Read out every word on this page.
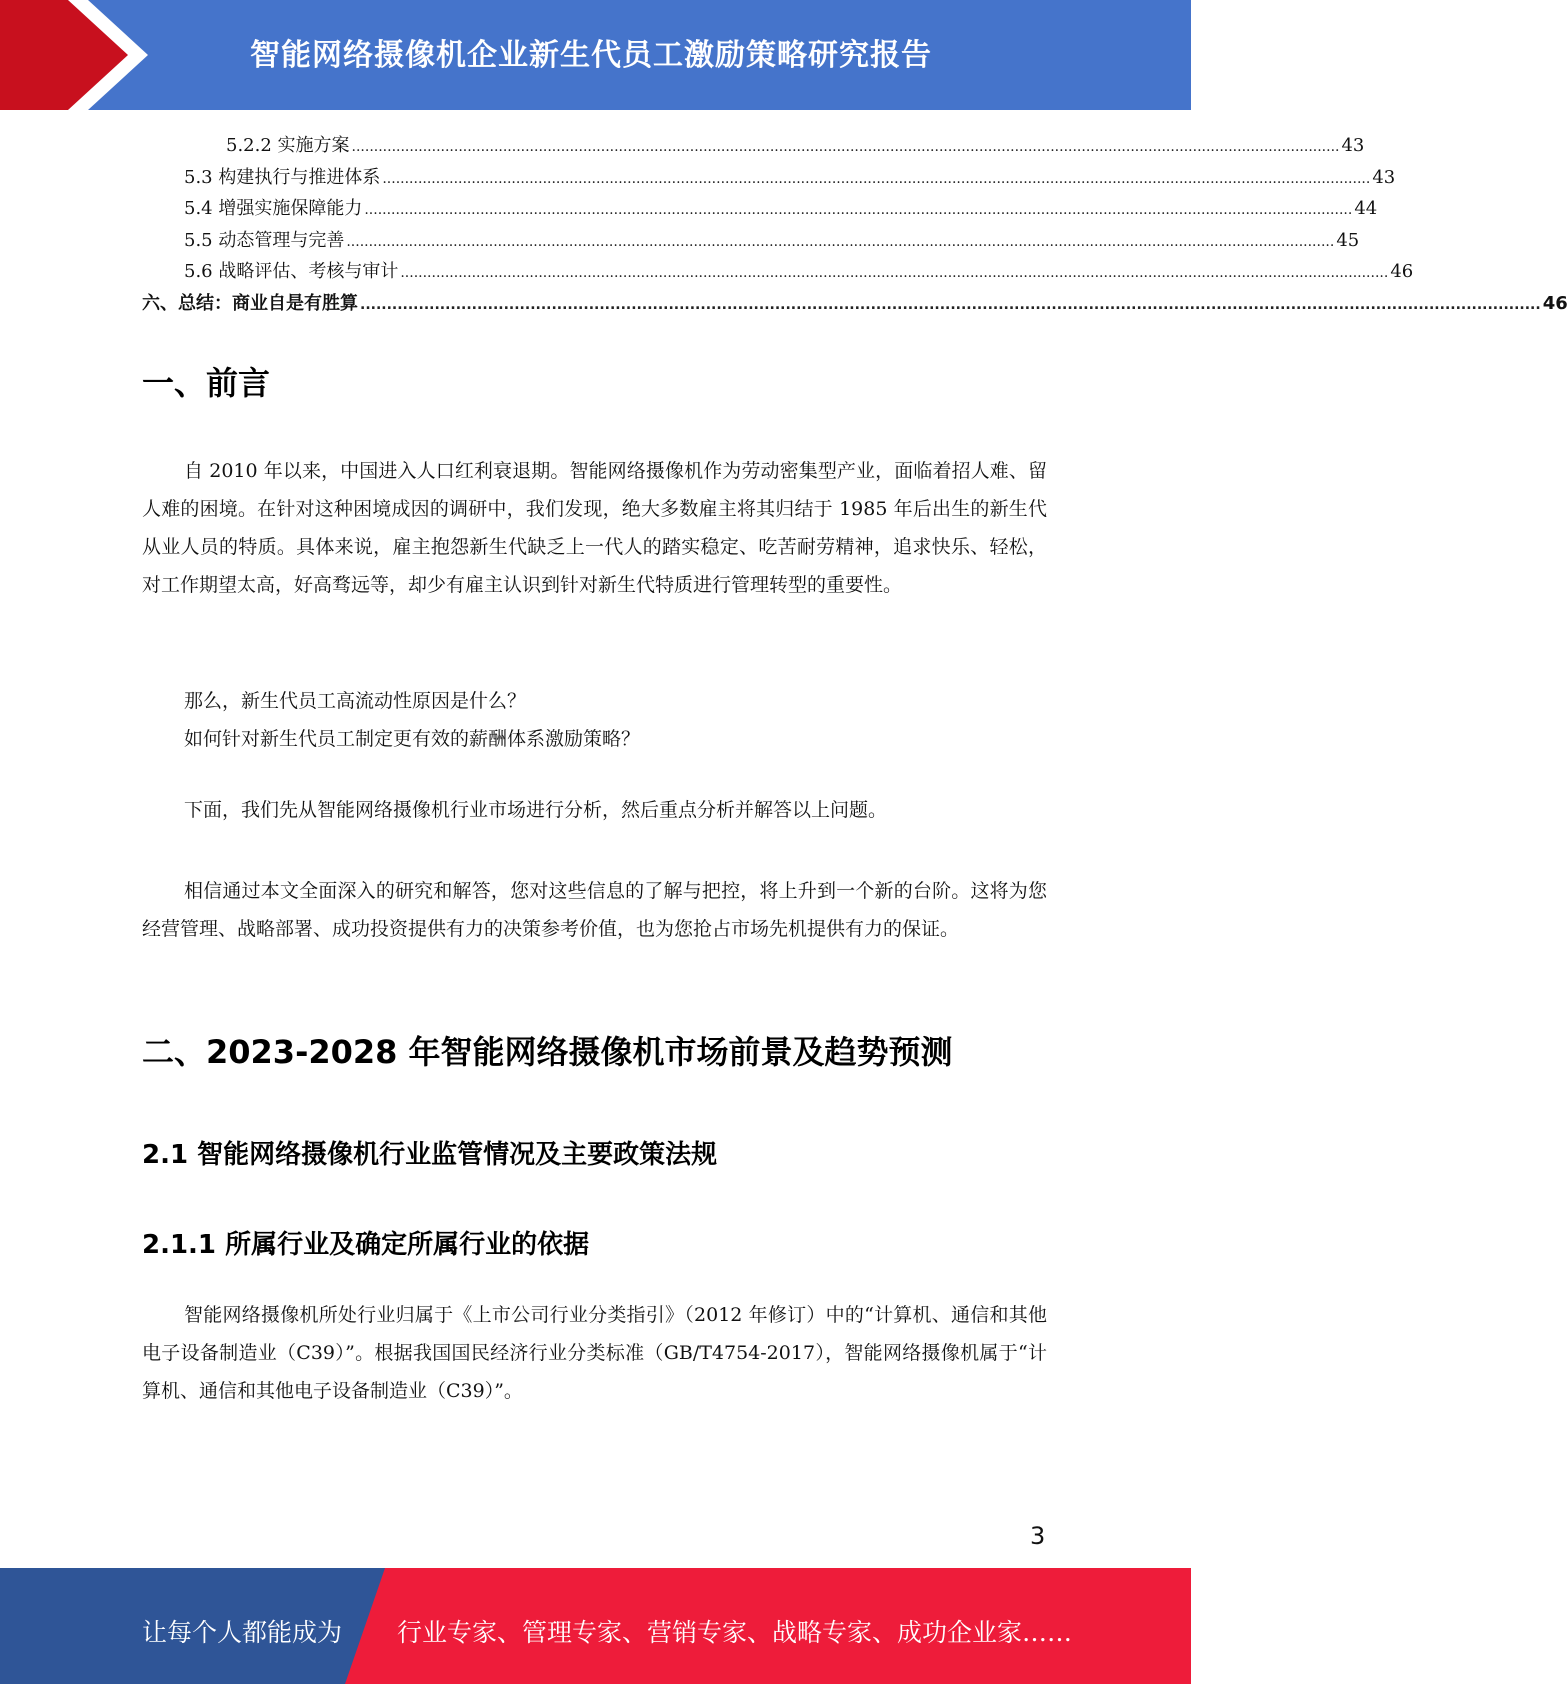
智能网络摄像机企业新生代员工激励策略研究报告
5.2.2 实施方案 .............................................................................................................................................................................................................................. 43
5.3 构建执行与推进体系 .............................................................................................................................................................................................................................. 43
5.4 增强实施保障能力 .............................................................................................................................................................................................................................. 44
5.5 动态管理与完善 .............................................................................................................................................................................................................................. 45
5.6 战略评估、考核与审计 .............................................................................................................................................................................................................................. 46
六、总结：商业自是有胜算 .............................................................................................................................................................................................................................. 46
一、前言
自 2010 年以来，中国进入人口红利衰退期。智能网络摄像机作为劳动密集型产业，面临着招人难、留人难的困境。在针对这种困境成因的调研中，我们发现，绝大多数雇主将其归结于 1985 年后出生的新生代从业人员的特质。具体来说，雇主抱怨新生代缺乏上一代人的踏实稳定、吃苦耐劳精神，追求快乐、轻松，对工作期望太高，好高骛远等，却少有雇主认识到针对新生代特质进行管理转型的重要性。
那么，新生代员工高流动性原因是什么？
如何针对新生代员工制定更有效的薪酬体系激励策略？
下面，我们先从智能网络摄像机行业市场进行分析，然后重点分析并解答以上问题。
相信通过本文全面深入的研究和解答，您对这些信息的了解与把控，将上升到一个新的台阶。这将为您经营管理、战略部署、成功投资提供有力的决策参考价值，也为您抢占市场先机提供有力的保证。
二、2023-2028 年智能网络摄像机市场前景及趋势预测
2.1 智能网络摄像机行业监管情况及主要政策法规
2.1.1 所属行业及确定所属行业的依据
智能网络摄像机所处行业归属于《上市公司行业分类指引》（2012 年修订）中的“计算机、通信和其他电子设备制造业（C39）”。根据我国国民经济行业分类标准（GB/T4754-2017），智能网络摄像机属于“计算机、通信和其他电子设备制造业（C39）”。
3
让每个人都能成为 行业专家、管理专家、营销专家、战略专家、成功企业家……
